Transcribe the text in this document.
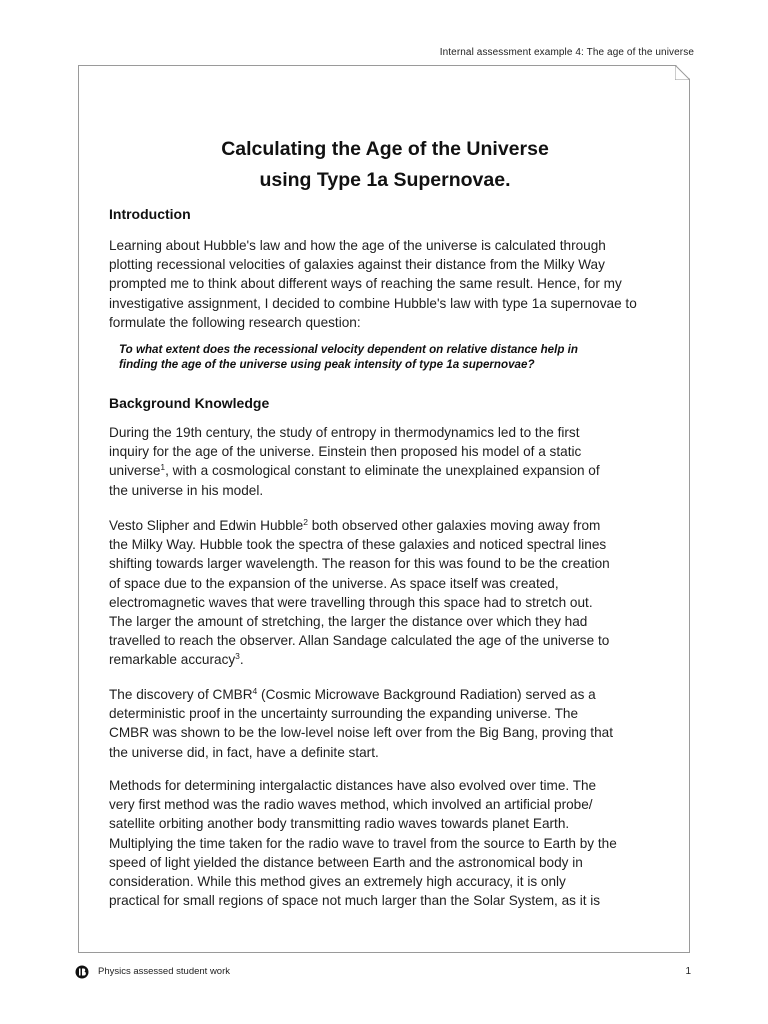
Internal assessment example 4: The age of the universe
Calculating the Age of the Universe
using Type 1a Supernovae.
Introduction
Learning about Hubble's law and how the age of the universe is calculated through
plotting recessional velocities of galaxies against their distance from the Milky Way
prompted me to think about different ways of reaching the same result. Hence, for my
investigative assignment, I decided to combine Hubble's law with type 1a supernovae to
formulate the following research question:
To what extent does the recessional velocity dependent on relative distance help in
finding the age of the universe using peak intensity of type 1a supernovae?
Background Knowledge
During the 19th century, the study of entropy in thermodynamics led to the first
inquiry for the age of the universe. Einstein then proposed his model of a static
universe$^1$, with a cosmological constant to eliminate the unexplained expansion of
the universe in his model.
Vesto Slipher and Edwin Hubble$^2$ both observed other galaxies moving away from
the Milky Way. Hubble took the spectra of these galaxies and noticed spectral lines
shifting towards larger wavelength. The reason for this was found to be the creation
of space due to the expansion of the universe. As space itself was created,
electromagnetic waves that were travelling through this space had to stretch out.
The larger the amount of stretching, the larger the distance over which they had
travelled to reach the observer. Allan Sandage calculated the age of the universe to
remarkable accuracy$^3$.
The discovery of CMBR$^4$ (Cosmic Microwave Background Radiation) served as a
deterministic proof in the uncertainty surrounding the expanding universe. The
CMBR was shown to be the low-level noise left over from the Big Bang, proving that
the universe did, in fact, have a definite start.
Methods for determining intergalactic distances have also evolved over time. The
very first method was the radio waves method, which involved an artificial probe/
satellite orbiting another body transmitting radio waves towards planet Earth.
Multiplying the time taken for the radio wave to travel from the source to Earth by the
speed of light yielded the distance between Earth and the astronomical body in
consideration. While this method gives an extremely high accuracy, it is only
practical for small regions of space not much larger than the Solar System, as it is
Physics assessed student work	1
